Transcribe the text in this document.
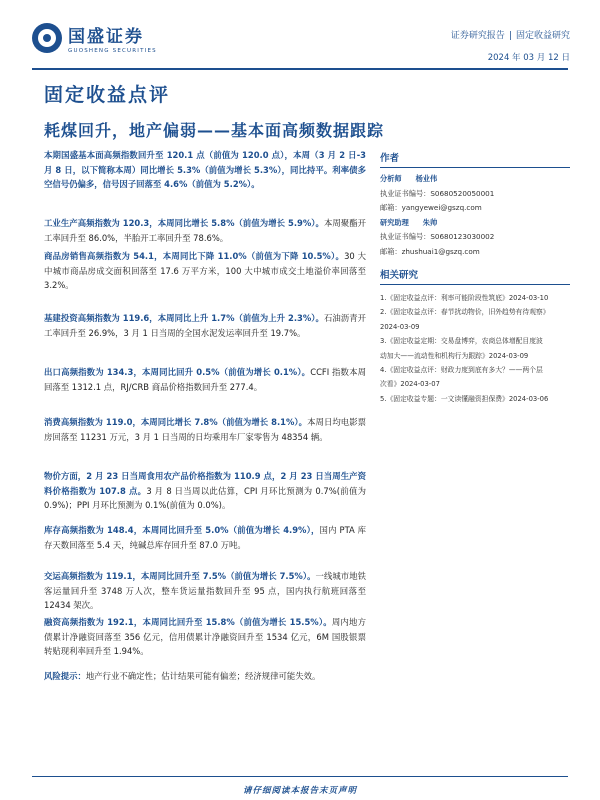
国盛证券
GUOSHENG SECURITIES
证券研究报告 | 固定收益研究
2024 年 03 月 12 日
固定收益点评
耗煤回升，地产偏弱——基本面高频数据跟踪

本期国盛基本面高频指数回升至 120.1 点（前值为 120.0 点），本周（3 月 2 日-3 月 8 日，以下简称本周）同比增长 5.3%（前值为增长 5.3%），同比持平。利率债多空信号仍偏多，信号因子回落至 4.6%（前值为 5.2%）。

工业生产高频指数为 120.3，本周同比增长 5.8%（前值为增长 5.9%）。本周聚酯开工率回升至 86.0%，半胎开工率回升至 78.6%。

商品房销售高频指数为 54.1，本周同比下降 11.0%（前值为下降 10.5%）。30 大中城市商品房成交面积回落至 17.6 万平方米，100 大中城市成交土地溢价率回落至 3.2%。

基建投资高频指数为 119.6，本周同比上升 1.7%（前值为上升 2.3%）。石油沥青开工率回升至 26.9%，3 月 1 日当周的全国水泥发运率回升至 19.7%。

出口高频指数为 134.3，本周同比回升 0.5%（前值为增长 0.1%）。CCFI 指数本周回落至 1312.1 点，RJ/CRB 商品价格指数回升至 277.4。

消费高频指数为 119.0，本周同比增长 7.8%（前值为增长 8.1%）。本周日均电影票房回落至 11231 万元，3 月 1 日当周的日均乘用车厂家零售为 48354 辆。

物价方面，2 月 23 日当周食用农产品价格指数为 110.9 点，2 月 23 日当周生产资料价格指数为 107.8 点。3 月 8 日当周以此估算，CPI 月环比预测为 0.7%(前值为 0.9%)；PPI 月环比预测为 0.1%(前值为 0.0%)。

库存高频指数为 148.4，本周同比回升至 5.0%（前值为增长 4.9%），国内 PTA 库存天数回落至 5.4 天，纯碱总库存回升至 87.0 万吨。

交运高频指数为 119.1，本周同比回升至 7.5%（前值为增长 7.5%）。一线城市地铁客运量回升至 3748 万人次，整车货运量指数回升至 95 点，国内执行航班回落至 12434 架次。

融资高频指数为 192.1，本周同比回升至 15.8%（前值为增长 15.5%）。周内地方债累计净融资回落至 356 亿元，信用债累计净融资回升至 1534 亿元，6M 国股银票转贴现利率回升至 1.94%。

风险提示：地产行业不确定性；估计结果可能有偏差；经济规律可能失效。

作者
分析师 杨业伟
执业证书编号：S0680520050001
邮箱：yangyewei@gszq.com
研究助理 朱帅
执业证书编号：S0680123030002
邮箱：zhushuai1@gszq.com
相关研究
1.《固定收益点评：利率可能阶段性筑底》2024-03-10
2.《固定收益点评：春节扰动物价，旧外趋势有待观察》
2024-03-09
3.《固定收益定期：交易盘博弈，农商总体增配目度波
动加大——流动性和机构行为跟踪》2024-03-09
4.《固定收益点评：财政力度到底有多大？——两个层
次看》2024-03-07
5.《固定收益专题：一文读懂融资担保费》2024-03-06
请仔细阅读本报告末页声明
